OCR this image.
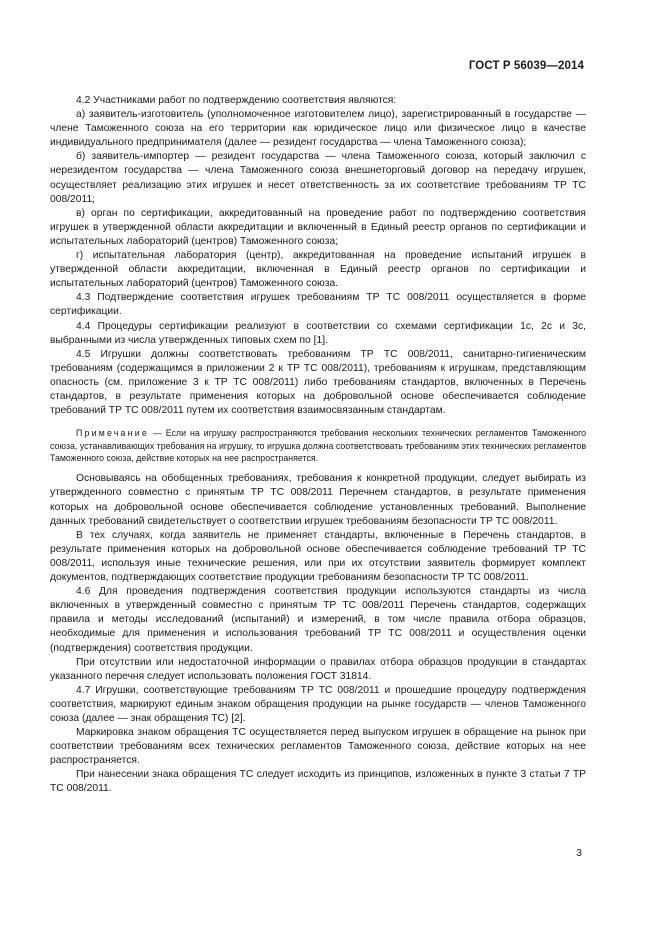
ГОСТ Р 56039—2014

4.2 Участниками работ по подтверждению соответствия являются:

а) заявитель-изготовитель (уполномоченное изготовителем лицо), зарегистрированный в государстве — члене Таможенного союза на его территории как юридическое лицо или физическое лицо в качестве индивидуального предпринимателя (далее — резидент государства — члена Таможенного союза);

б) заявитель-импортер — резидент государства — члена Таможенного союза, который заключил с нерезидентом государства — члена Таможенного союза внешнеторговый договор на передачу игрушек, осуществляет реализацию этих игрушек и несет ответственность за их соответствие требованиям ТР ТС 008/2011;

в) орган по сертификации, аккредитованный на проведение работ по подтверждению соответствия игрушек в утвержденной области аккредитации и включенный в Единый реестр органов по сертификации и испытательных лабораторий (центров) Таможенного союза;

г) испытательная лаборатория (центр), аккредитованная на проведение испытаний игрушек в утвержденной области аккредитации, включенная в Единый реестр органов по сертификации и испытательных лабораторий (центров) Таможенного союза.

4.3 Подтверждение соответствия игрушек требованиям ТР ТС 008/2011 осуществляется в форме сертификации.

4.4 Процедуры сертификации реализуют в соответствии со схемами сертификации 1с, 2с и 3с, выбранными из числа утвержденных типовых схем по [1].

4.5 Игрушки должны соответствовать требованиям ТР ТС 008/2011, санитарно-гигиеническим требованиям (содержащимся в приложении 2 к ТР ТС 008/2011), требованиям к игрушкам, представляющим опасность (см. приложение 3 к ТР ТС 008/2011) либо требованиям стандартов, включенных в Перечень стандартов, в результате применения которых на добровольной основе обеспечивается соблюдение требований ТР ТС 008/2011 путем их соответствия взаимосвязанным стандартам.

Примечание — Если на игрушку распространяются требования нескольких технических регламентов Таможенного союза, устанавливающих требования на игрушку, то игрушка должна соответствовать требованиям этих технических регламентов Таможенного союза, действие которых на нее распространяется.

Основываясь на обобщенных требованиях, требования к конкретной продукции, следует выбирать из утвержденного совместно с принятым ТР ТС 008/2011 Перечнем стандартов, в результате применения которых на добровольной основе обеспечивается соблюдение установленных требований. Выполнение данных требований свидетельствует о соответствии игрушек требованиям безопасности ТР ТС 008/2011.

В тех случаях, когда заявитель не применяет стандарты, включенные в Перечень стандартов, в результате применения которых на добровольной основе обеспечивается соблюдение требований ТР ТС 008/2011, используя иные технические решения, или при их отсутствии заявитель формирует комплект документов, подтверждающих соответствие продукции требованиям безопасности ТР ТС 008/2011.

4.6 Для проведения подтверждения соответствия продукции используются стандарты из числа включенных в утвержденный совместно с принятым ТР ТС 008/2011 Перечень стандартов, содержащих правила и методы исследований (испытаний) и измерений, в том числе правила отбора образцов, необходимые для применения и использования требований ТР ТС 008/2011 и осуществления оценки (подтверждения) соответствия продукции.

При отсутствии или недостаточной информации о правилах отбора образцов продукции в стандартах указанного перечня следует использовать положения ГОСТ 31814.

4.7 Игрушки, соответствующие требованиям ТР ТС 008/2011 и прошедшие процедуру подтверждения соответствия, маркируют единым знаком обращения продукции на рынке государств — членов Таможенного союза (далее — знак обращения ТС) [2].

Маркировка знаком обращения ТС осуществляется перед выпуском игрушек в обращение на рынок при соответствии требованиям всех технических регламентов Таможенного союза, действие которых на нее распространяется.

При нанесении знака обращения ТС следует исходить из принципов, изложенных в пункте 3 статьи 7 ТР ТС 008/2011.

3
